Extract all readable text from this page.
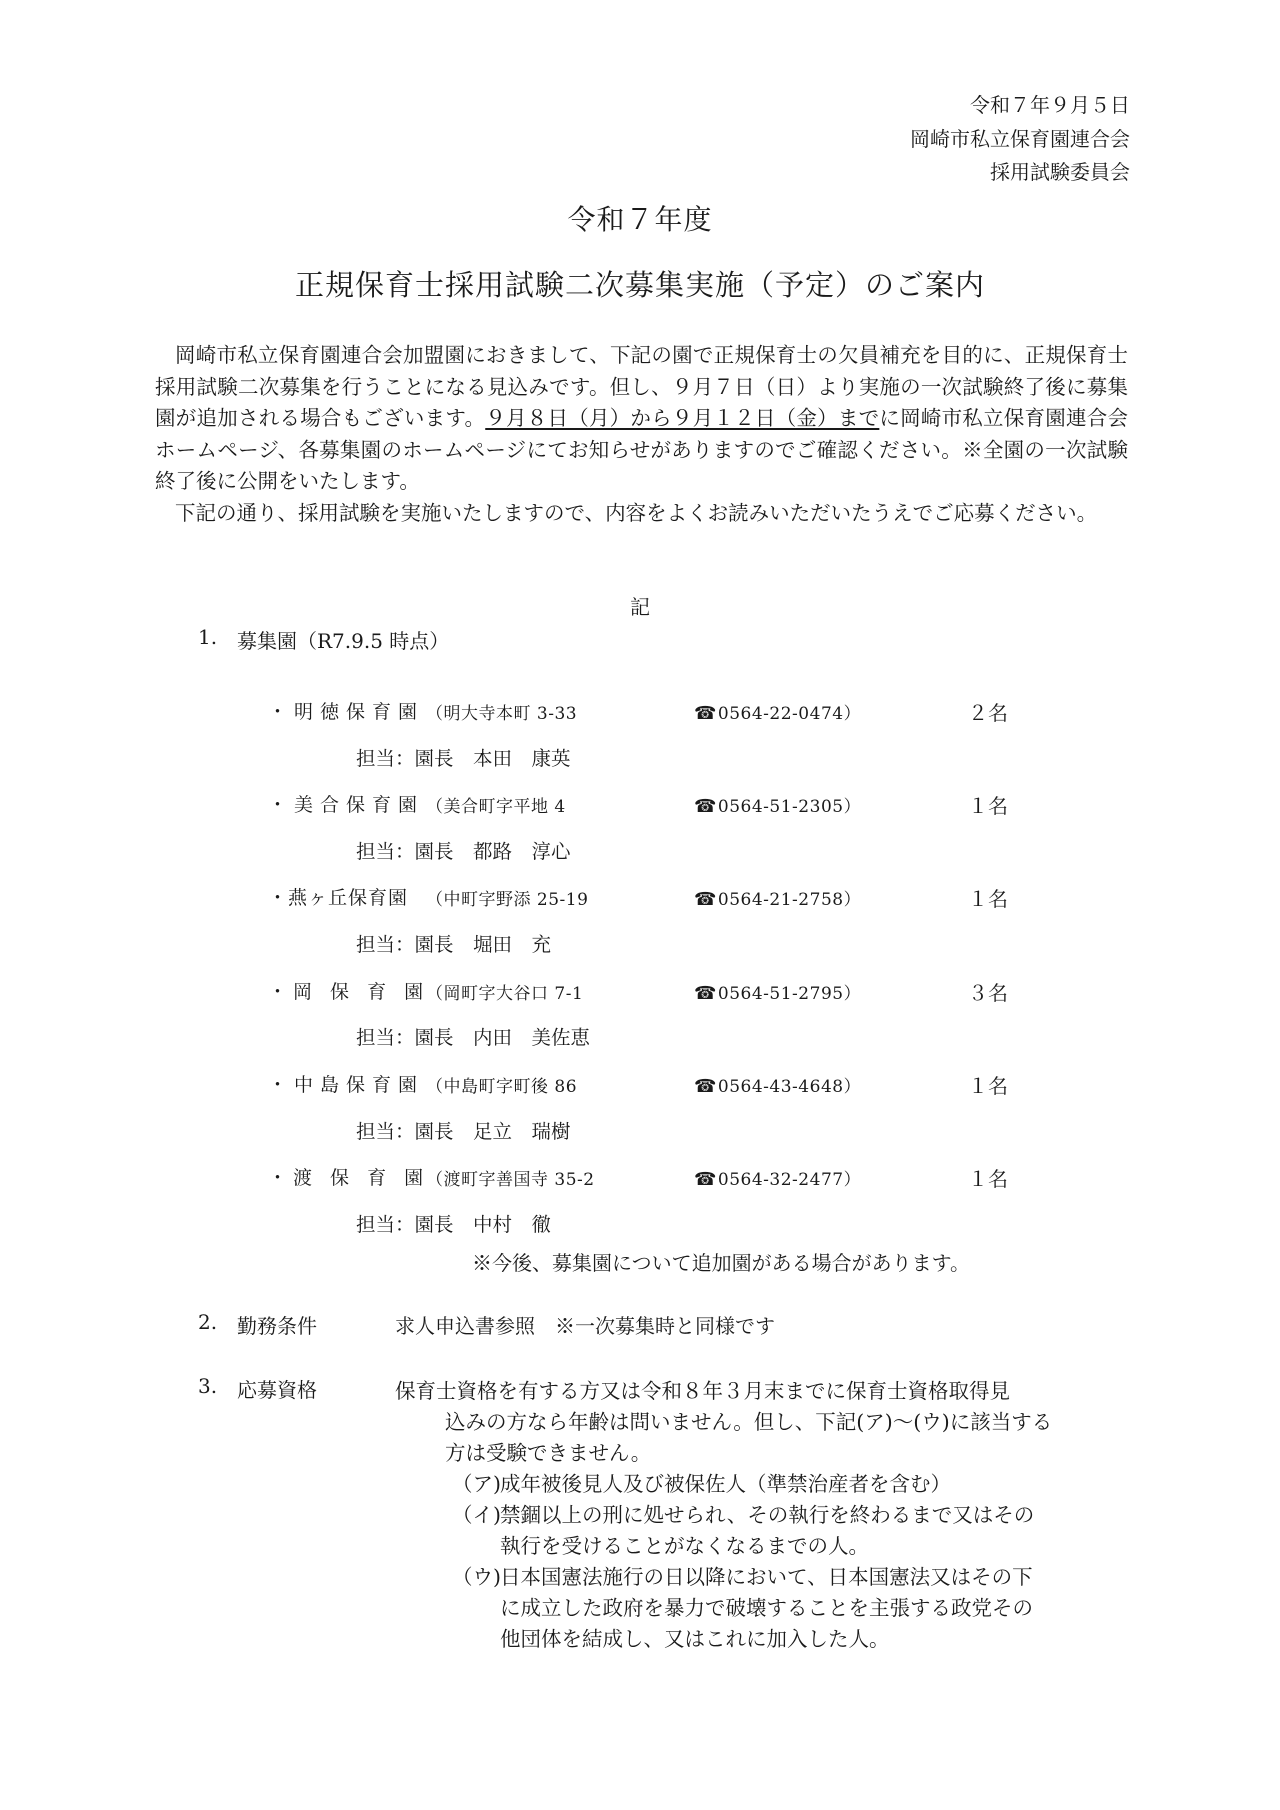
令和７年９月５日
岡崎市私立保育園連合会
採用試験委員会
令和７年度
正規保育士採用試験二次募集実施（予定）のご案内

岡崎市私立保育園連合会加盟園におきまして、下記の園で正規保育士の欠員補充を目的に、正規保育士採用試験二次募集を行うことになる見込みです。但し、９月７日（日）より実施の一次試験終了後に募集園が追加される場合もございます。９月８日（月）から９月１２日（金）までに岡崎市私立保育園連合会ホームページ、各募集園のホームページにてお知らせがありますのでご確認ください。※全園の一次試験終了後に公開をいたします。

下記の通り、採用試験を実施いたしますので、内容をよくお読みいただいたうえでご応募ください。

記
1. 募集園（R7.9.5 時点）
・明徳保育園 （明大寺本町 3-33	☎0564-22-0474）	２名
担当：園長　本田　康英
・美合保育園 （美合町字平地 4	☎0564-51-2305）	１名
担当：園長　都路　淳心
・燕ヶ丘保育園 （中町字野添 25-19	☎0564-21-2758）	１名
担当：園長　堀田　充
・岡 保 育 園
（岡町字大谷口 7-1	☎0564-51-2795）	３名
担当：園長　内田　美佐恵
・中島保育園 （中島町字町後 86	☎0564-43-4648）	１名
担当：園長　足立　瑞樹
・渡 保 育 園
（渡町字善国寺 35-2	☎0564-32-2477）	１名
担当：園長　中村　徹
※今後、募集園について追加園がある場合があります。
2. 勤務条件	求人申込書参照　※一次募集時と同様です
3. 応募資格	保育士資格を有する方又は令和８年３月末までに保育士資格取得見
込みの方なら年齢は問いません。但し、下記(ア)～(ウ)に該当する
方は受験できません。
（ア) 成年被後見人及び被保佐人（準禁治産者を含む）
（イ) 禁錮以上の刑に処せられ、その執行を終わるまで又はその
執行を受けることがなくなるまでの人。
（ウ) 日本国憲法施行の日以降において、日本国憲法又はその下
に成立した政府を暴力で破壊することを主張する政党その
他団体を結成し、又はこれに加入した人。
